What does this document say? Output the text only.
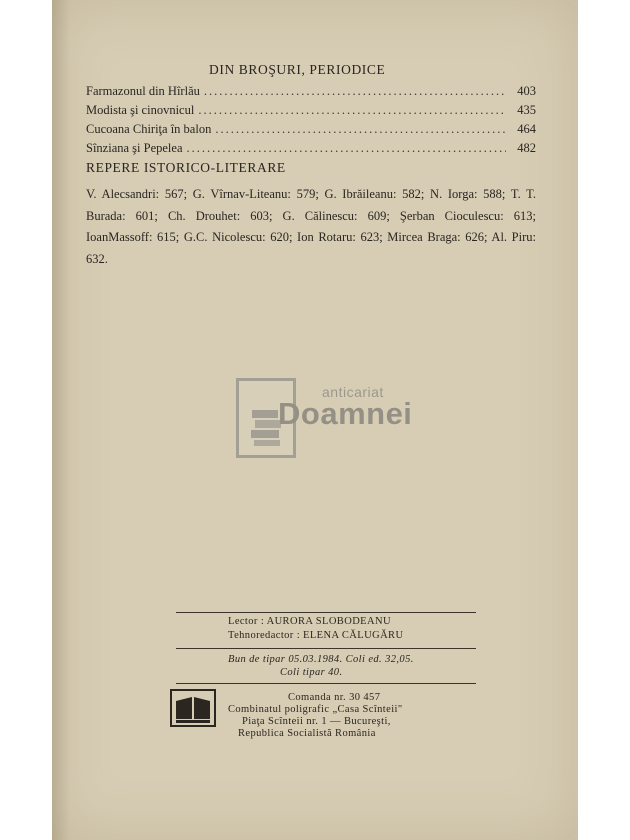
DIN BROŞURI, PERIODICE
Farmazonul din Hîrlău .....	403
Modista şi cinovnicul .....	435
Cucoana Chiriţa în balon .....	464
Sînziana şi Pepelea .....	482
REPERE ISTORICO-LITERARE
V. Alecsandri: 567; G. Vîrnav-Liteanu: 579; G. Ibrăileanu: 582; N. Iorga: 588; T. T. Burada: 601; Ch. Drouhet: 603; G. Călinescu: 609; Şerban Cioculescu: 613; IoanMassoff: 615; G.C. Nicolescu: 620; Ion Rotaru: 623; Mircea Braga: 626; Al. Piru: 632.
anticariat
Doamnei
Lector : AURORA SLOBODEANU
Tehnoredactor : ELENA CĂLUGĂRU
Bun de tipar 05.03.1984. Coli ed. 32,05.
Coli tipar 40.
Comanda nr. 30 457
Combinatul poligrafic „Casa Scînteii"
Piaţa Scînteii nr. 1 — Bucureşti,
Republica Socialistă România
